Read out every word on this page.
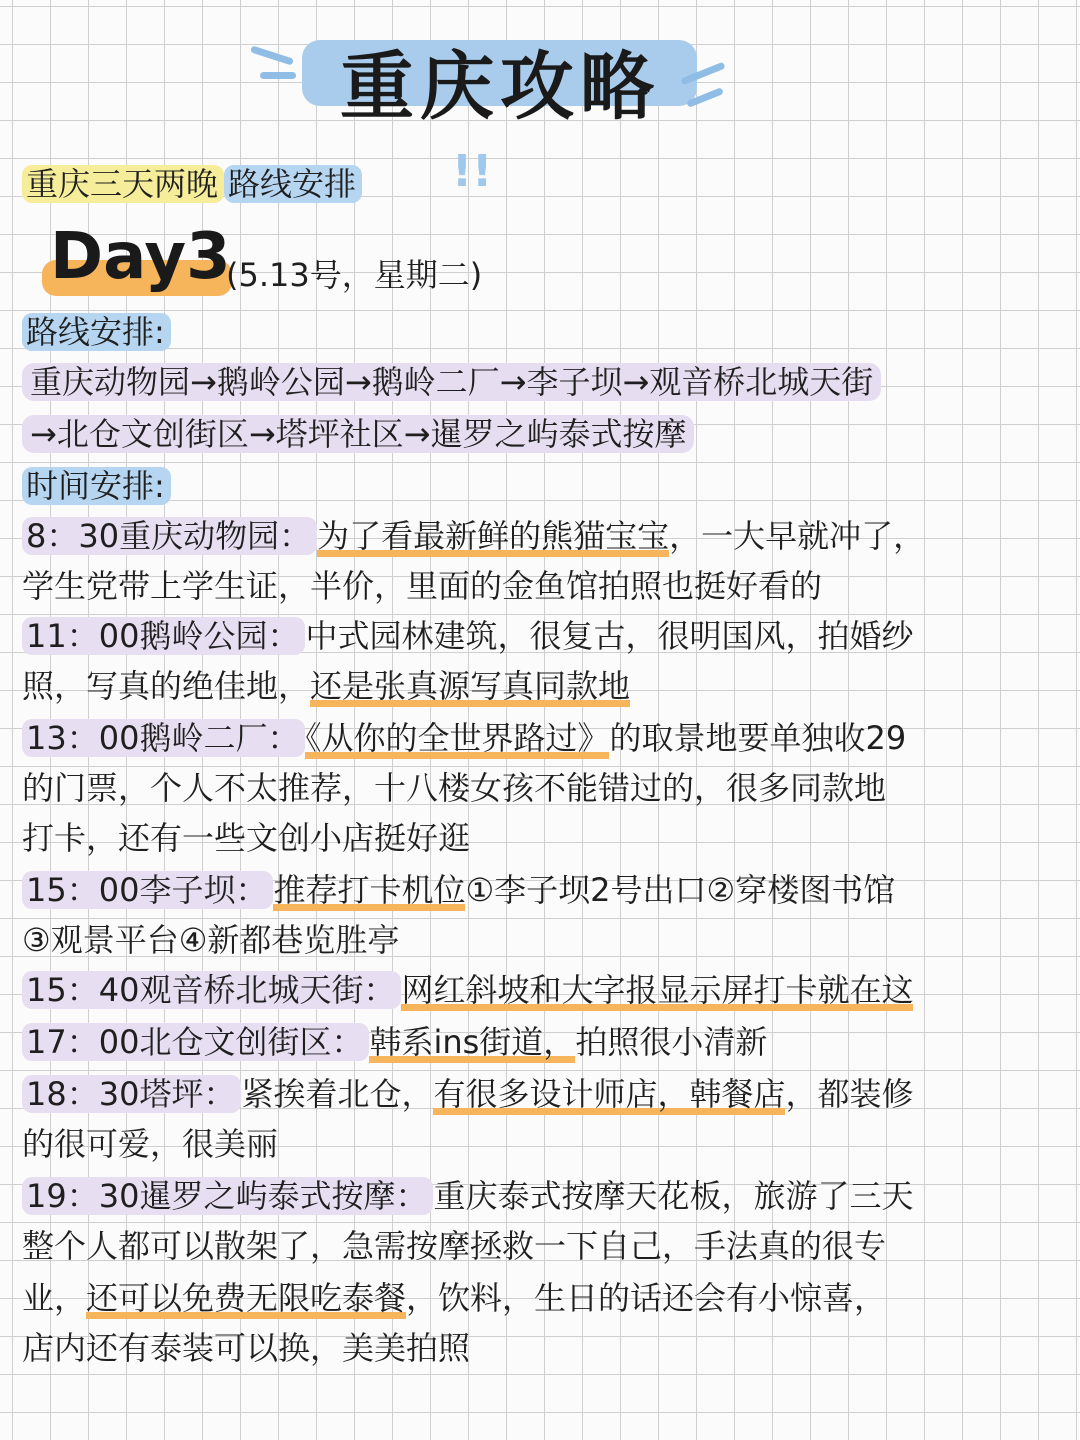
重庆攻略
重庆三天两晚 路线安排 !!
Day3
(5.13号，星期二)
路线安排:
重庆动物园→鹅岭公园→鹅岭二厂→李子坝→观音桥北城天街
→北仓文创街区→塔坪社区→暹罗之屿泰式按摩
时间安排:
8：30重庆动物园： 为了看最新鲜的熊猫宝宝，一大早就冲了，
学生党带上学生证，半价，里面的金鱼馆拍照也挺好看的
11：00鹅岭公园： 中式园林建筑，很复古，很明国风，拍婚纱
照，写真的绝佳地，还是张真源写真同款地
13：00鹅岭二厂： 《从你的全世界路过》的取景地要单独收29
的门票，个人不太推荐，十八楼女孩不能错过的，很多同款地
打卡，还有一些文创小店挺好逛
15：00李子坝： 推荐打卡机位①李子坝2号出口②穿楼图书馆
③观景平台④新都巷览胜亭
15：40观音桥北城天街： 网红斜坡和大字报显示屏打卡就在这
17：00北仓文创街区： 韩系ins街道，拍照很小清新
18：30塔坪： 紧挨着北仓，有很多设计师店，韩餐店，都装修
的很可爱，很美丽
19：30暹罗之屿泰式按摩： 重庆泰式按摩天花板，旅游了三天
整个人都可以散架了，急需按摩拯救一下自己，手法真的很专
业，还可以免费无限吃泰餐，饮料，生日的话还会有小惊喜，
店内还有泰装可以换，美美拍照
